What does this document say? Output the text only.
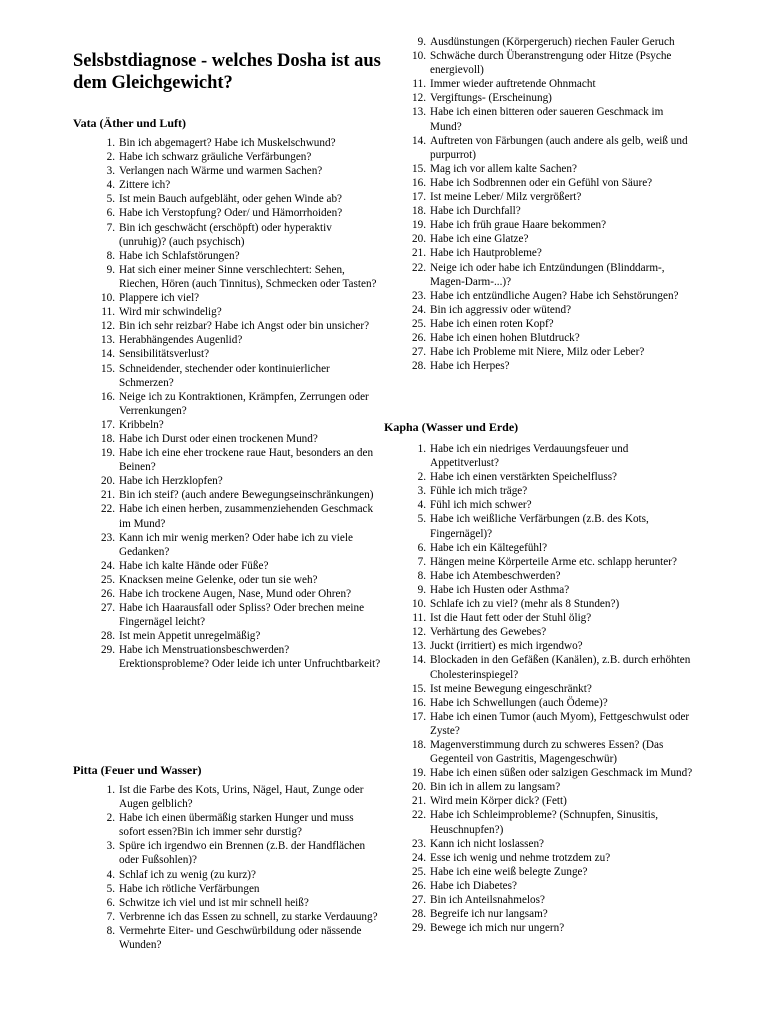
Selsbstdiagnose - welches Dosha ist aus dem Gleichgewicht?
Vata (Äther und Luft)
1. Bin ich abgemagert? Habe ich Muskelschwund?
2. Habe ich schwarz gräuliche Verfärbungen?
3. Verlangen nach Wärme und warmen Sachen?
4. Zittere ich?
5. Ist mein Bauch aufgebläht, oder gehen Winde ab?
6. Habe ich Verstopfung? Oder/ und Hämorrhoiden?
7. Bin ich geschwächt (erschöpft) oder hyperaktiv (unruhig)? (auch psychisch)
8. Habe ich Schlafstörungen?
9. Hat sich einer meiner Sinne verschlechtert: Sehen, Riechen, Hören (auch Tinnitus), Schmecken oder Tasten?
10. Plappere ich viel?
11. Wird mir schwindelig?
12. Bin ich sehr reizbar? Habe ich Angst oder bin unsicher?
13. Herabhängendes Augenlid?
14. Sensibilitätsverlust?
15. Schneidender, stechender oder kontinuierlicher Schmerzen?
16. Neige ich zu Kontraktionen, Krämpfen, Zerrungen oder Verrenkungen?
17. Kribbeln?
18. Habe ich Durst oder einen trockenen Mund?
19. Habe ich eine eher trockene raue Haut, besonders an den Beinen?
20. Habe ich Herzklopfen?
21. Bin ich steif? (auch andere Bewegungseinschränkungen)
22. Habe ich einen herben, zusammenziehenden Geschmack im Mund?
23. Kann ich mir wenig merken? Oder habe ich zu viele Gedanken?
24. Habe ich kalte Hände oder Füße?
25. Knacksen meine Gelenke, oder tun sie weh?
26. Habe ich trockene Augen, Nase, Mund oder Ohren?
27. Habe ich Haarausfall oder Spliss? Oder brechen meine Fingernägel leicht?
28. Ist mein Appetit unregelmäßig?
29. Habe ich Menstruationsbeschwerden? Erektionsprobleme? Oder leide ich unter Unfruchtbarkeit?
Pitta (Feuer und Wasser)
1. Ist die Farbe des Kots, Urins, Nägel, Haut, Zunge oder Augen gelblich?
2. Habe ich einen übermäßig starken Hunger und muss sofort essen?Bin ich immer sehr durstig?
3. Spüre ich irgendwo ein Brennen (z.B. der Handflächen oder Fußsohlen)?
4. Schlaf ich zu wenig (zu kurz)?
5. Habe ich rötliche Verfärbungen
6. Schwitze ich viel und ist mir schnell heiß?
7. Verbrenne ich das Essen zu schnell, zu starke Verdauung?
8. Vermehrte Eiter- und Geschwürbildung oder nässende Wunden?
Kapha (Wasser und Erde)
1. Habe ich ein niedriges Verdauungsfeuer und Appetitverlust?
2. Habe ich einen verstärkten Speichelfluss?
3. Fühle ich mich träge?
4. Fühl ich mich schwer?
5. Habe ich weißliche Verfärbungen (z.B. des Kots, Fingernägel)?
6. Habe ich ein Kältegefühl?
7. Hängen meine Körperteile Arme etc. schlapp herunter?
8. Habe ich Atembeschwerden?
9. Habe ich Husten oder Asthma?
10. Schlafe ich zu viel? (mehr als 8 Stunden?)
11. Ist die Haut fett oder der Stuhl ölig?
12. Verhärtung des Gewebes?
13. Juckt (irritiert) es mich irgendwo?
14. Blockaden in den Gefäßen (Kanälen), z.B. durch erhöhten Cholesterinspiegel?
15. Ist meine Bewegung eingeschränkt?
16. Habe ich Schwellungen (auch Ödeme)?
17. Habe ich einen Tumor (auch Myom), Fettgeschwulst oder Zyste?
18. Magenverstimmung durch zu schweres Essen? (Das Gegenteil von Gastritis, Magengeschwür)
19. Habe ich einen süßen oder salzigen Geschmack im Mund?
20. Bin ich in allem zu langsam?
21. Wird mein Körper dick? (Fett)
22. Habe ich Schleimprobleme? (Schnupfen, Sinusitis, Heuschnupfen?)
23. Kann ich nicht loslassen?
24. Esse ich wenig und nehme trotzdem zu?
25. Habe ich eine weiß belegte Zunge?
26. Habe ich Diabetes?
27. Bin ich Anteilsnahmelos?
28. Begreife ich nur langsam?
29. Bewege ich mich nur ungern?
9. Ausdünstungen (Körpergeruch) riechen Fauler Geruch
10. Schwäche durch Überanstrengung oder Hitze (Psyche energievoll)
11. Immer wieder auftretende Ohnmacht
12. Vergiftungs- (Erscheinung)
13. Habe ich einen bitteren oder saueren Geschmack im Mund?
14. Auftreten von Färbungen (auch andere als gelb, weiß und purpurrot)
15. Mag ich vor allem kalte Sachen?
16. Habe ich Sodbrennen oder ein Gefühl von Säure?
17. Ist meine Leber/ Milz vergrößert?
18. Habe ich Durchfall?
19. Habe ich früh graue Haare bekommen?
20. Habe ich eine Glatze?
21. Habe ich Hautprobleme?
22. Neige ich oder habe ich Entzündungen (Blinddarm-, Magen-Darm-...)?
23. Habe ich entzündliche Augen? Habe ich Sehstörungen?
24. Bin ich aggressiv oder wütend?
25. Habe ich einen roten Kopf?
26. Habe ich einen hohen Blutdruck?
27. Habe ich Probleme mit Niere, Milz oder Leber?
28. Habe ich Herpes?
